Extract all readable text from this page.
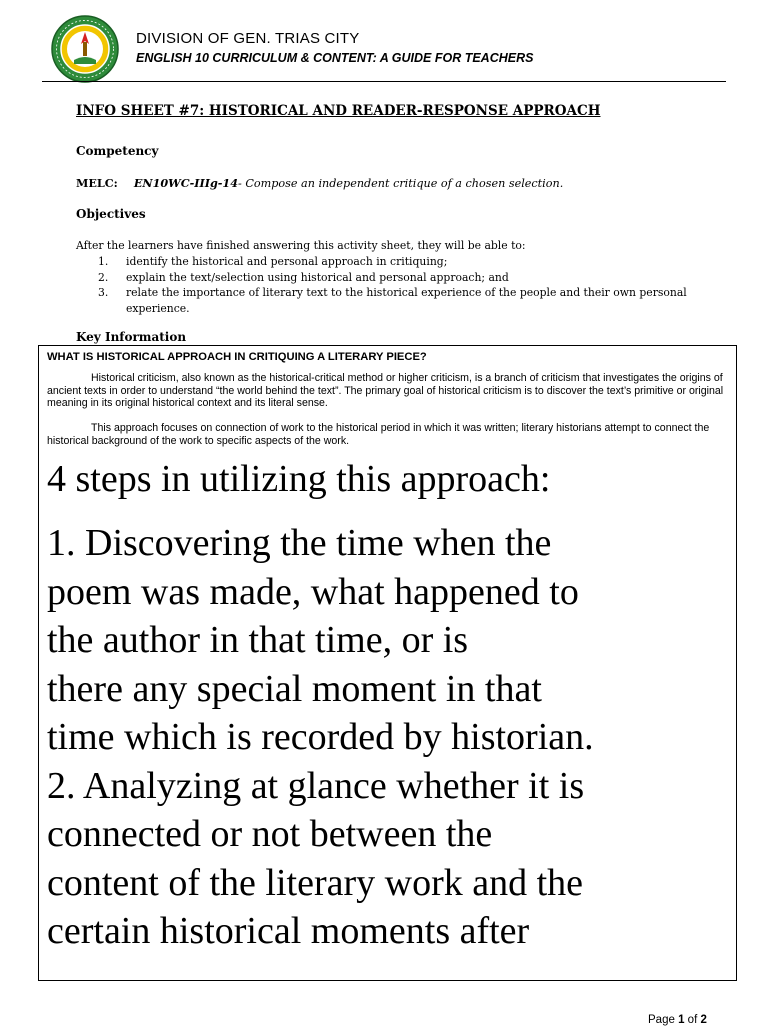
DIVISION OF GEN. TRIAS CITY
ENGLISH 10 CURRICULUM & CONTENT: A GUIDE FOR TEACHERS
INFO SHEET #7: HISTORICAL AND READER-RESPONSE APPROACH
Competency
MELC: EN10WC-IIIg-14- Compose an independent critique of a chosen selection.
Objectives
After the learners have finished answering this activity sheet, they will be able to:
1. identify the historical and personal approach in critiquing;
2. explain the text/selection using historical and personal approach; and
3. relate the importance of literary text to the historical experience of the people and their own personal experience.
Key Information
WHAT IS HISTORICAL APPROACH IN CRITIQUING A LITERARY PIECE?

Historical criticism, also known as the historical-critical method or higher criticism, is a branch of criticism that investigates the origins of ancient texts in order to understand “the world behind the text”. The primary goal of historical criticism is to discover the text’s primitive or original meaning in its original historical context and its literal sense.

This approach focuses on connection of work to the historical period in which it was written; literary historians attempt to connect the historical background of the work to specific aspects of the work.

4 steps in utilizing this approach:

1. Discovering the time when the
poem was made, what happened to
the author in that time, or is
there any special moment in that
time which is recorded by historian.
2. Analyzing at glance whether it is
connected or not between the
content of the literary work and the
certain historical moments after
Page 1 of 2
